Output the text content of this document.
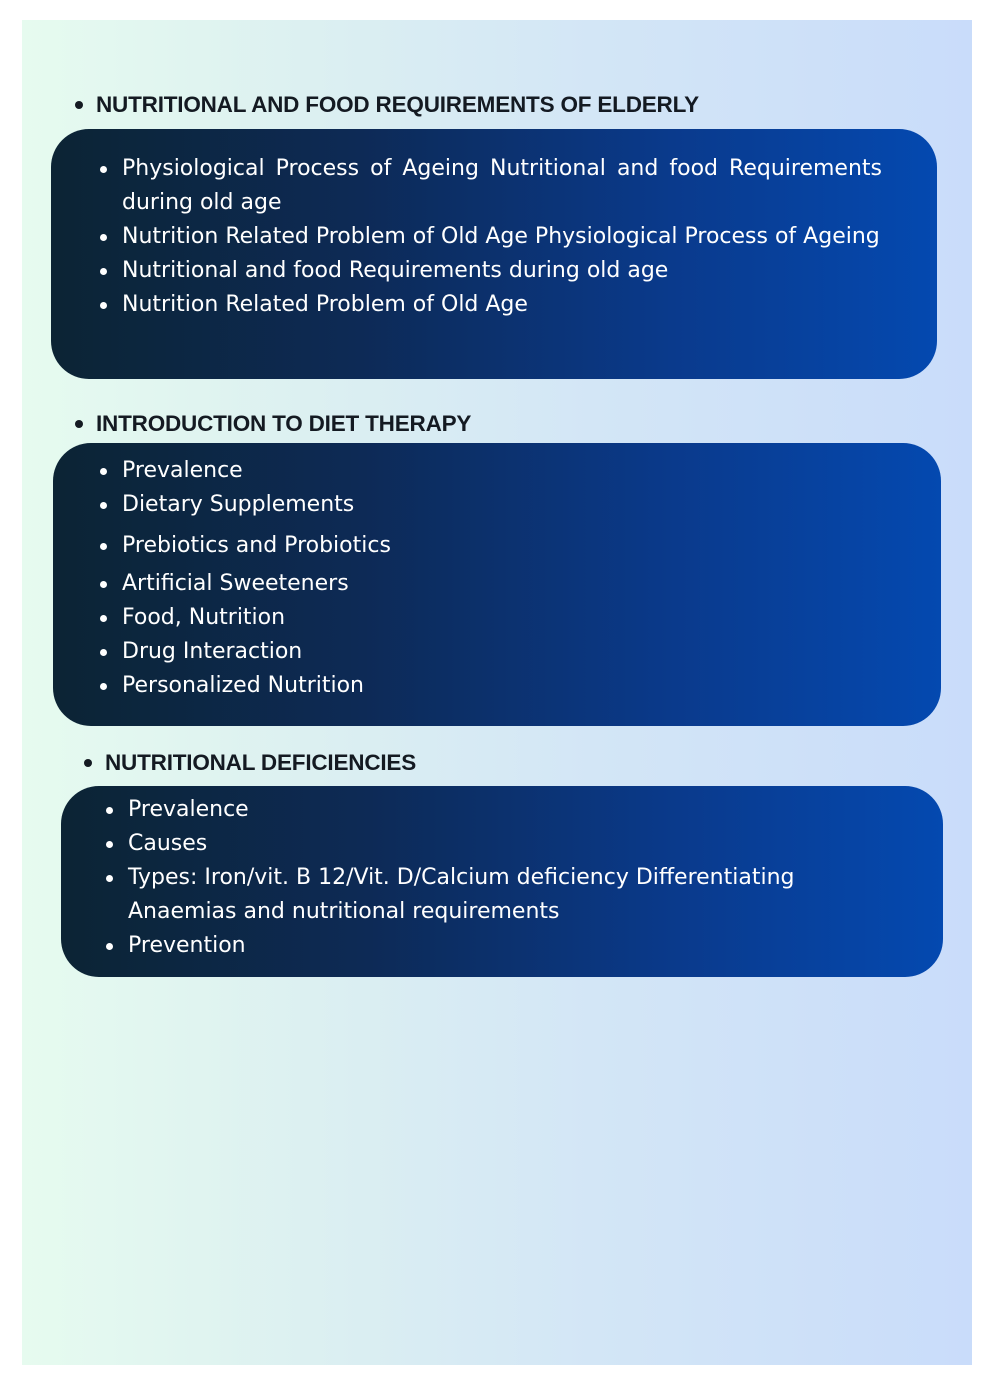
NUTRITIONAL AND FOOD REQUIREMENTS OF ELDERLY
Physiological Process of Ageing Nutritional and food Requirements during old age
Nutrition Related Problem of Old Age Physiological Process of Ageing
Nutritional and food Requirements during old age
Nutrition Related Problem of Old Age
INTRODUCTION TO DIET THERAPY
Prevalence
Dietary Supplements
Prebiotics and Probiotics
Artificial Sweeteners
Food, Nutrition
Drug Interaction
Personalized Nutrition
NUTRITIONAL DEFICIENCIES
Prevalence
Causes
Types: Iron/vit. B 12/Vit. D/Calcium deficiency Differentiating Anaemias and nutritional requirements
Prevention
